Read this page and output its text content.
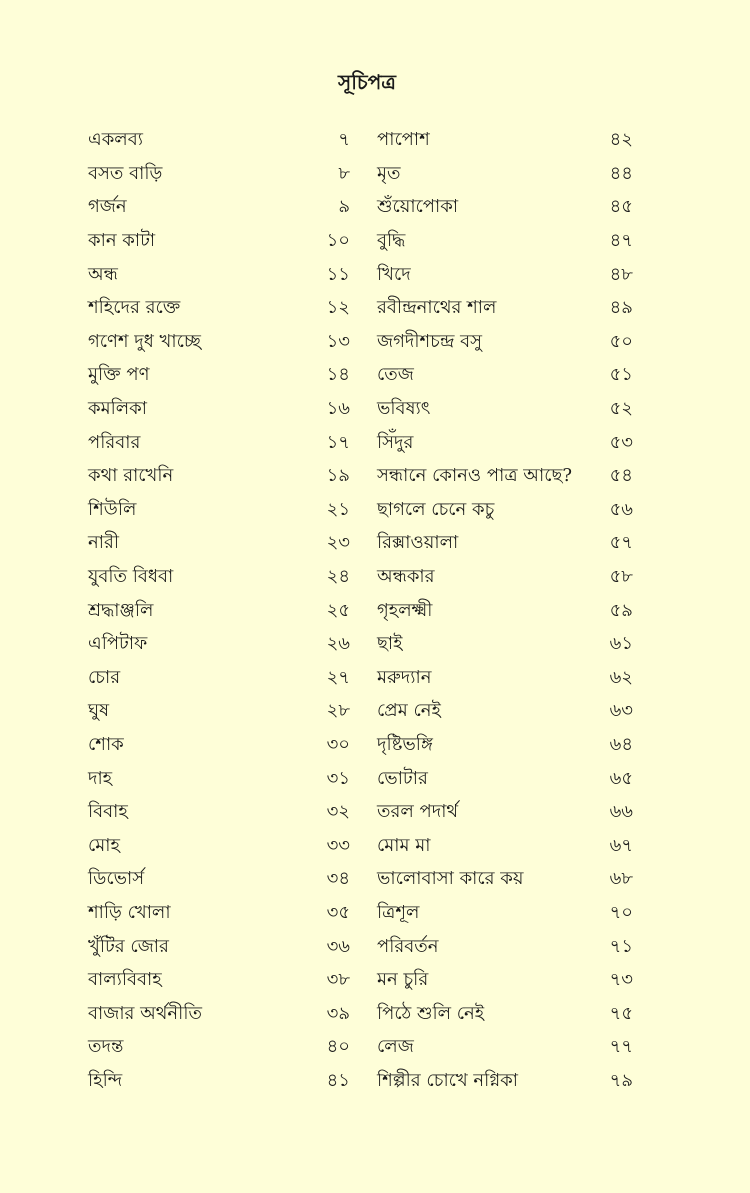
সূচিপত্র
একলব্য	৭
বসত বাড়ি	৮
গর্জন	৯
কান কাটা	১০
অন্ধ	১১
শহিদের রক্তে	১২
গণেশ দুধ খাচ্ছে	১৩
মুক্তি পণ	১৪
কমলিকা	১৬
পরিবার	১৭
কথা রাখেনি	১৯
শিউলি	২১
নারী	২৩
যুবতি বিধবা	২৪
শ্রদ্ধাঞ্জলি	২৫
এপিটাফ	২৬
চোর	২৭
ঘুষ	২৮
শোক	৩০
দাহ	৩১
বিবাহ	৩২
মোহ	৩৩
ডিভোর্স	৩৪
শাড়ি খোলা	৩৫
খুঁটির জোর	৩৬
বাল্যবিবাহ	৩৮
বাজার অর্থনীতি	৩৯
তদন্ত	৪০
হিন্দি	৪১
পাপোশ	৪২
মৃত	৪৪
শুঁয়োপোকা	৪৫
বুদ্ধি	৪৭
খিদে	৪৮
রবীন্দ্রনাথের শাল	৪৯
জগদীশচন্দ্র বসু	৫০
তেজ	৫১
ভবিষ্যৎ	৫২
সিঁদুর	৫৩
সন্ধানে কোনও পাত্র আছে?	৫৪
ছাগলে চেনে কচু	৫৬
রিক্সাওয়ালা	৫৭
অন্ধকার	৫৮
গৃহলক্ষ্মী	৫৯
ছাই	৬১
মরুদ্যান	৬২
প্রেম নেই	৬৩
দৃষ্টিভঙ্গি	৬৪
ভোটার	৬৫
তরল পদার্থ	৬৬
মোম মা	৬৭
ভালোবাসা কারে কয়	৬৮
ত্রিশূল	৭০
পরিবর্তন	৭১
মন চুরি	৭৩
পিঠে শুলি নেই	৭৫
লেজ	৭৭
শিল্পীর চোখে নগ্নিকা	৭৯
